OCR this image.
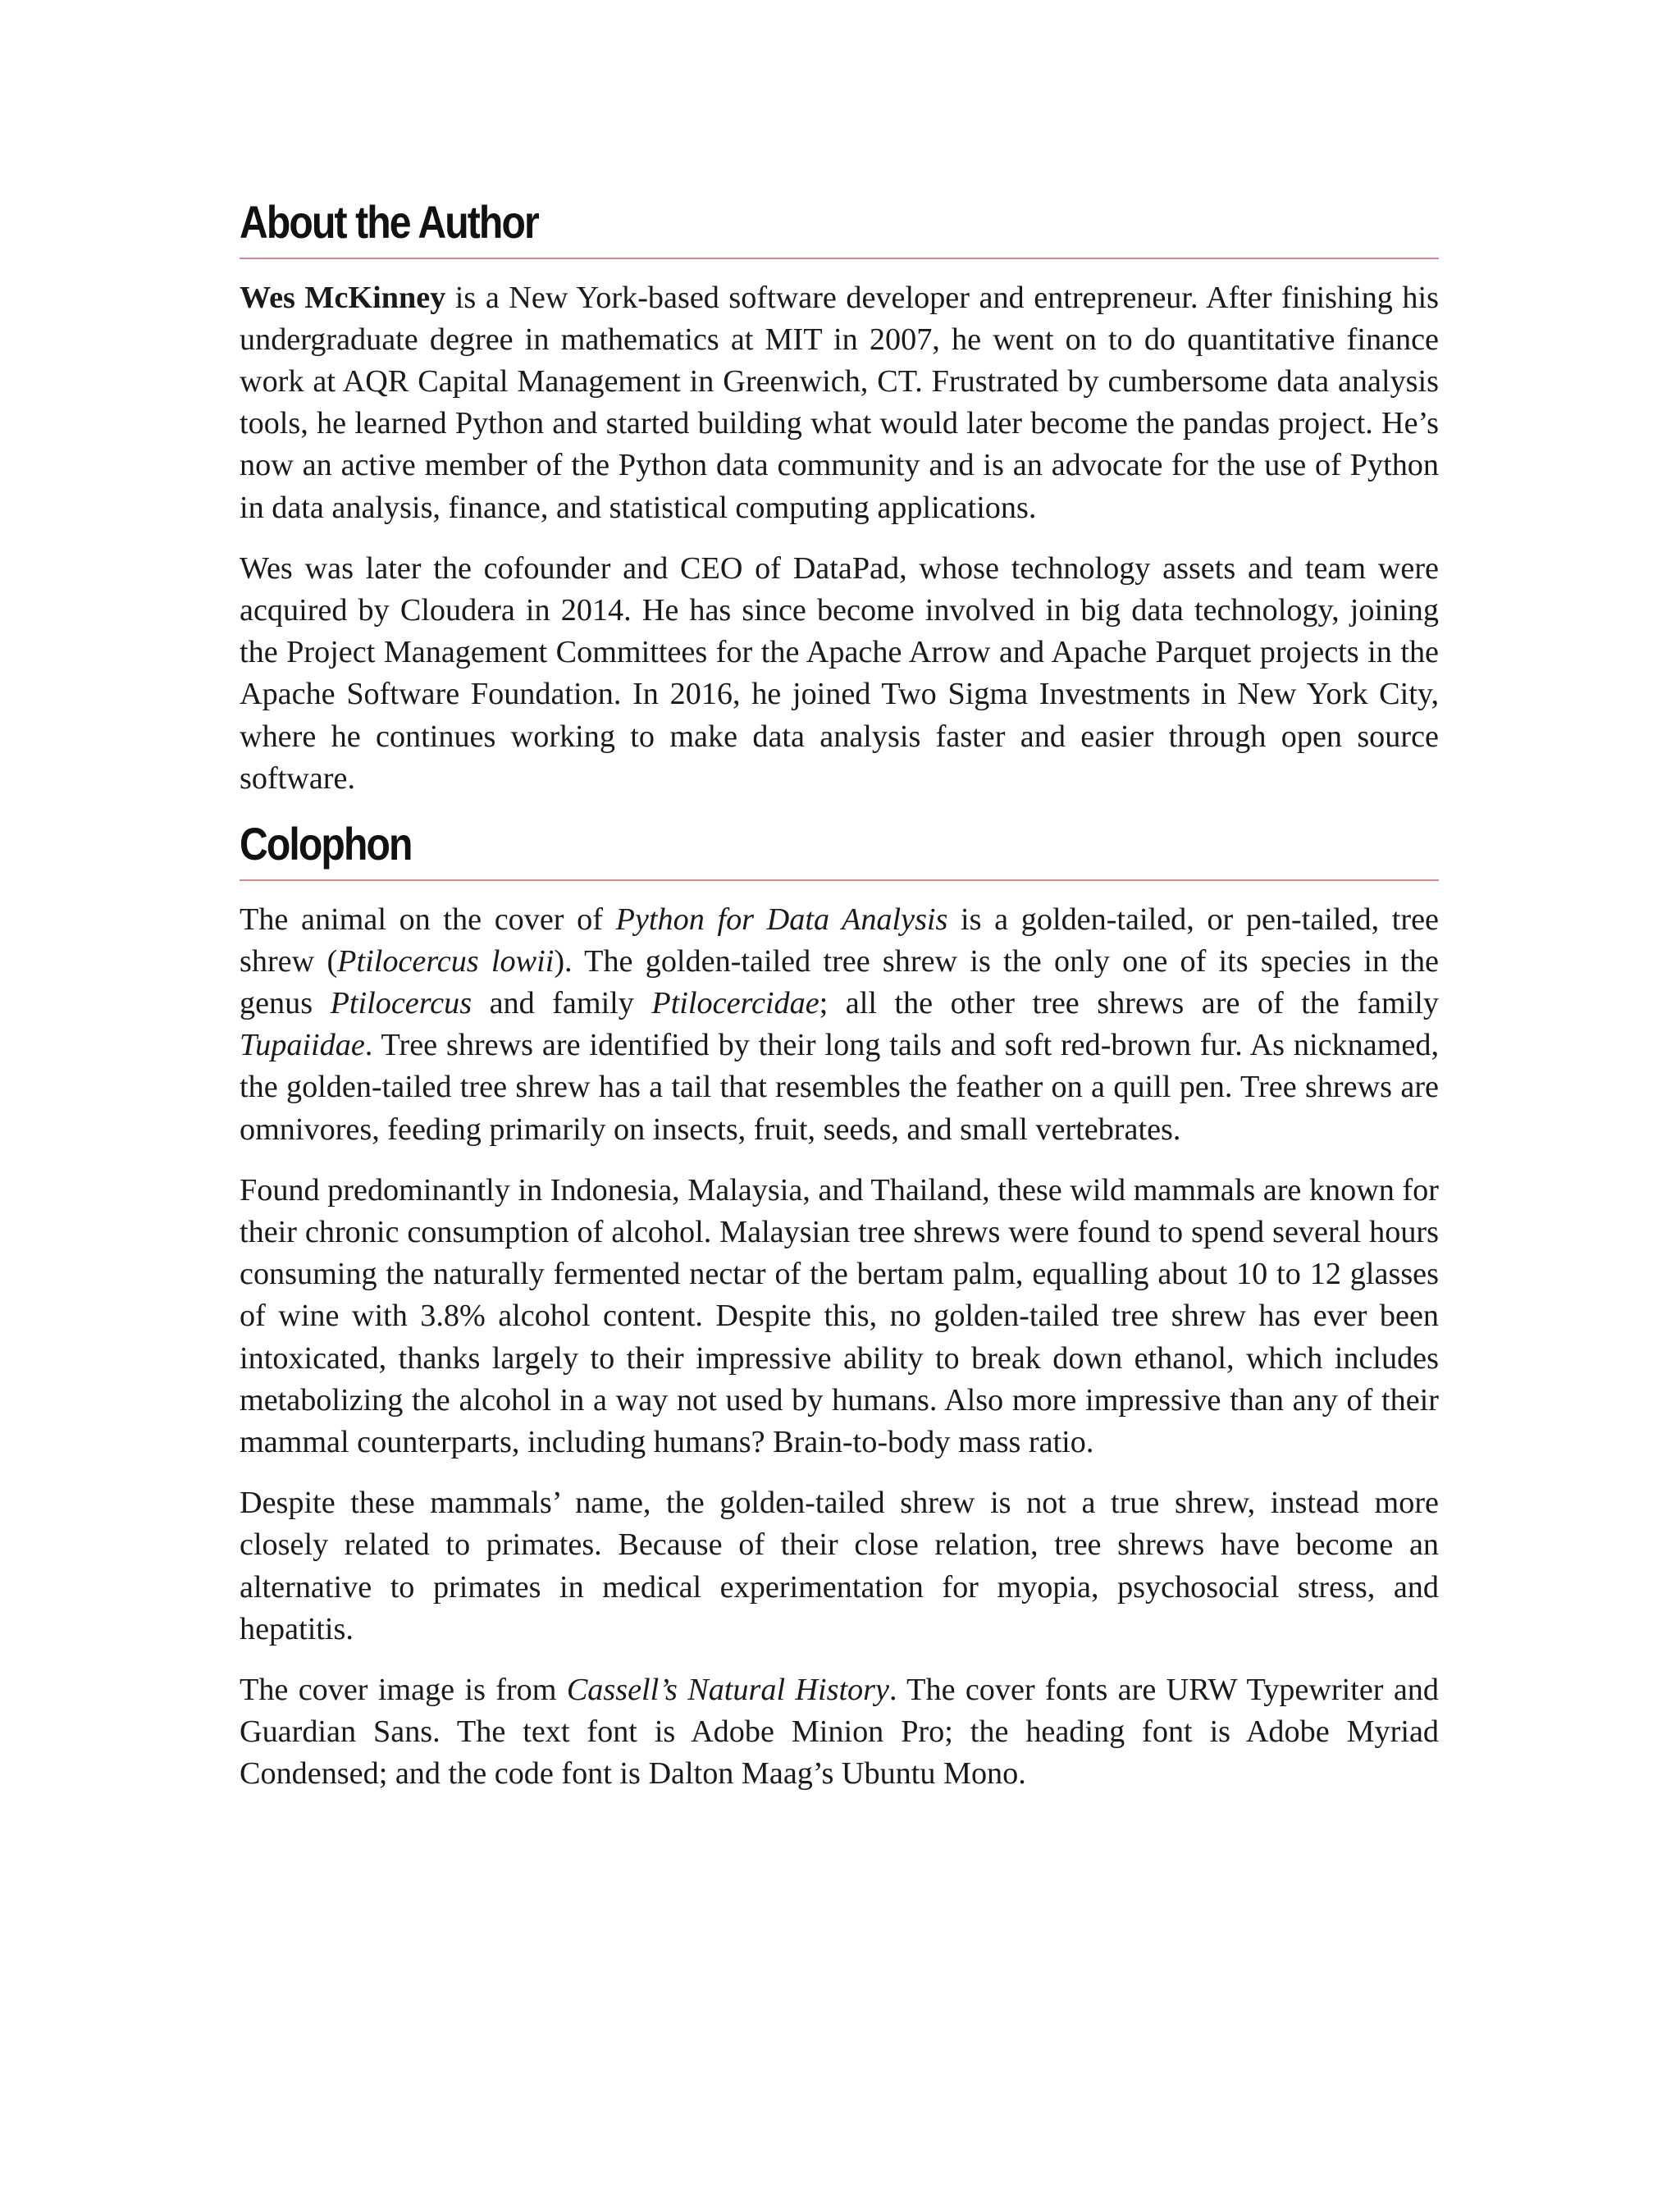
About the Author

Wes McKinney is a New York-based software developer and entrepreneur. After finishing his undergraduate degree in mathematics at MIT in 2007, he went on to do quantitative finance work at AQR Capital Management in Greenwich, CT. Frustrated by cumbersome data analysis tools, he learned Python and started building what would later become the pandas project. He’s now an active member of the Python data community and is an advocate for the use of Python in data analysis, finance, and statistical computing applications.

Wes was later the cofounder and CEO of DataPad, whose technology assets and team were acquired by Cloudera in 2014. He has since become involved in big data technology, joining the Project Management Committees for the Apache Arrow and Apache Parquet projects in the Apache Software Foundation. In 2016, he joined Two Sigma Investments in New York City, where he continues working to make data analysis faster and easier through open source software.

Colophon

The animal on the cover of Python for Data Analysis is a golden-tailed, or pen-tailed, tree shrew (Ptilocercus lowii). The golden-tailed tree shrew is the only one of its species in the genus Ptilocercus and family Ptilocercidae; all the other tree shrews are of the family Tupaiidae. Tree shrews are identified by their long tails and soft red-brown fur. As nicknamed, the golden-tailed tree shrew has a tail that resembles the feather on a quill pen. Tree shrews are omnivores, feeding primarily on insects, fruit, seeds, and small vertebrates.

Found predominantly in Indonesia, Malaysia, and Thailand, these wild mammals are known for their chronic consumption of alcohol. Malaysian tree shrews were found to spend several hours consuming the naturally fermented nectar of the bertam palm, equalling about 10 to 12 glasses of wine with 3.8% alcohol content. Despite this, no golden-tailed tree shrew has ever been intoxicated, thanks largely to their impressive ability to break down ethanol, which includes metabolizing the alcohol in a way not used by humans. Also more impressive than any of their mammal counterparts, including humans? Brain-to-body mass ratio.

Despite these mammals’ name, the golden-tailed shrew is not a true shrew, instead more closely related to primates. Because of their close relation, tree shrews have become an alternative to primates in medical experimentation for myopia, psychosocial stress, and hepatitis.

The cover image is from Cassell’s Natural History. The cover fonts are URW Typewriter and Guardian Sans. The text font is Adobe Minion Pro; the heading font is Adobe Myriad Condensed; and the code font is Dalton Maag’s Ubuntu Mono.
